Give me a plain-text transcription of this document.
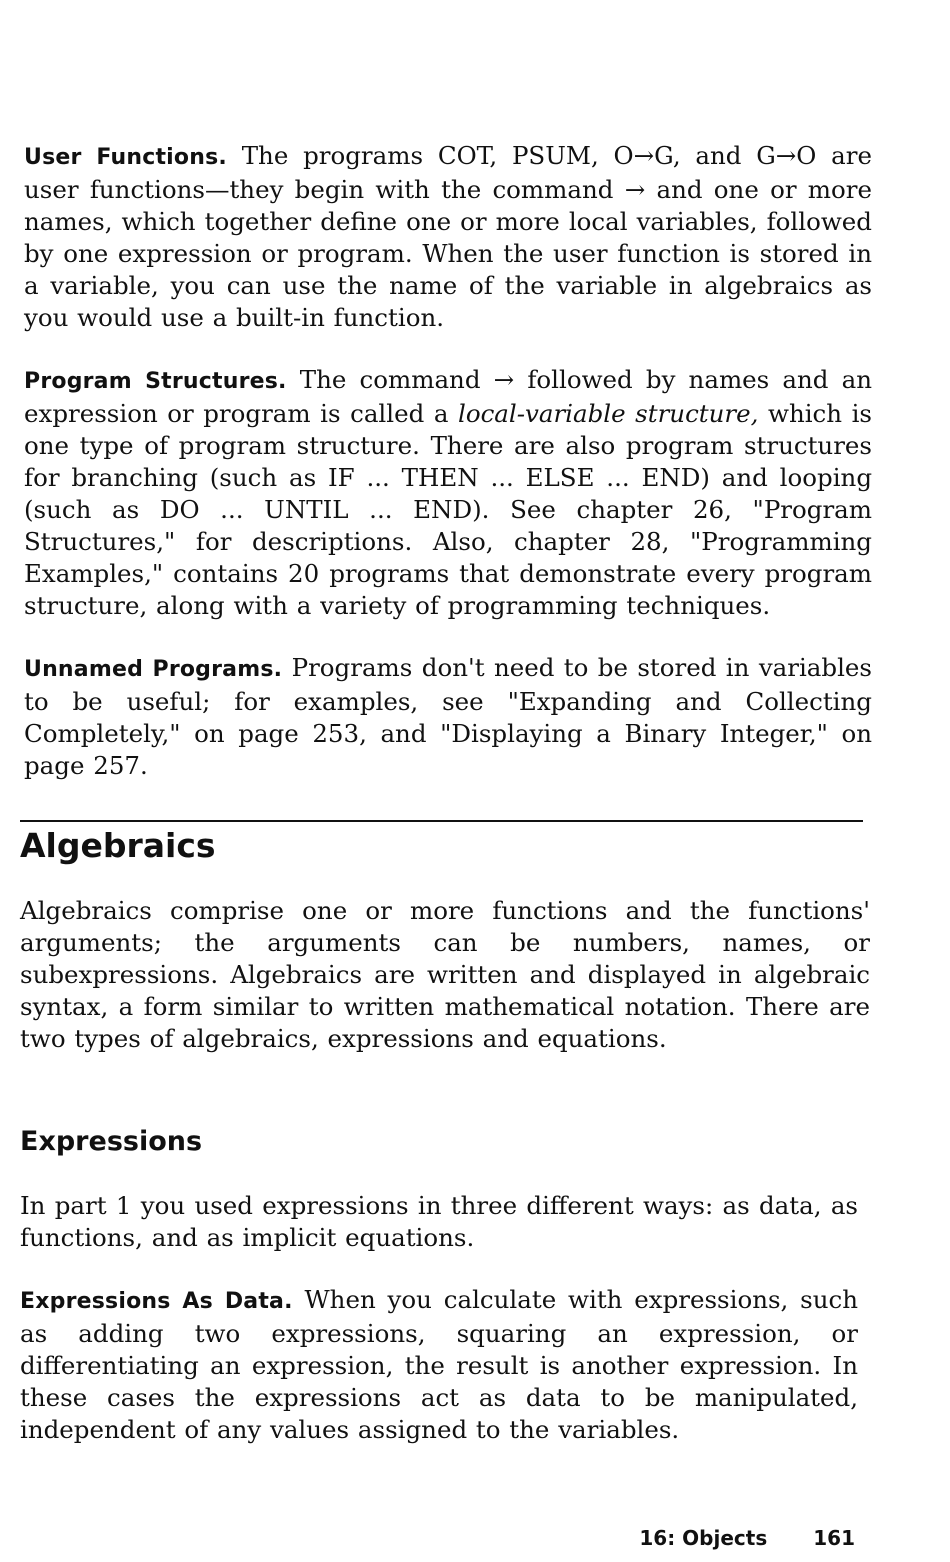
User Functions. The programs COT, PSUM, O→G, and G→O are user functions—they begin with the command → and one or more names, which together define one or more local variables, followed by one expression or program. When the user function is stored in a variable, you can use the name of the variable in algebraics as you would use a built-in function.

Program Structures. The command → followed by names and an expression or program is called a local-variable structure, which is one type of program structure. There are also program structures for branching (such as IF ... THEN ... ELSE ... END) and looping (such as DO ... UNTIL ... END). See chapter 26, "Program Structures," for descriptions. Also, chapter 28, "Programming Examples," contains 20 programs that demonstrate every program structure, along with a variety of programming techniques.

Unnamed Programs. Programs don't need to be stored in variables to be useful; for examples, see "Expanding and Collecting Completely," on page 253, and "Displaying a Binary Integer," on page 257.

Algebraics

Algebraics comprise one or more functions and the functions' arguments; the arguments can be numbers, names, or subexpressions. Algebraics are written and displayed in algebraic syntax, a form similar to written mathematical notation. There are two types of algebraics, expressions and equations.

Expressions

In part 1 you used expressions in three different ways: as data, as functions, and as implicit equations.

Expressions As Data. When you calculate with expressions, such as adding two expressions, squaring an expression, or differentiating an expression, the result is another expression. In these cases the expressions act as data to be manipulated, independent of any values assigned to the variables.

16: Objects 161
